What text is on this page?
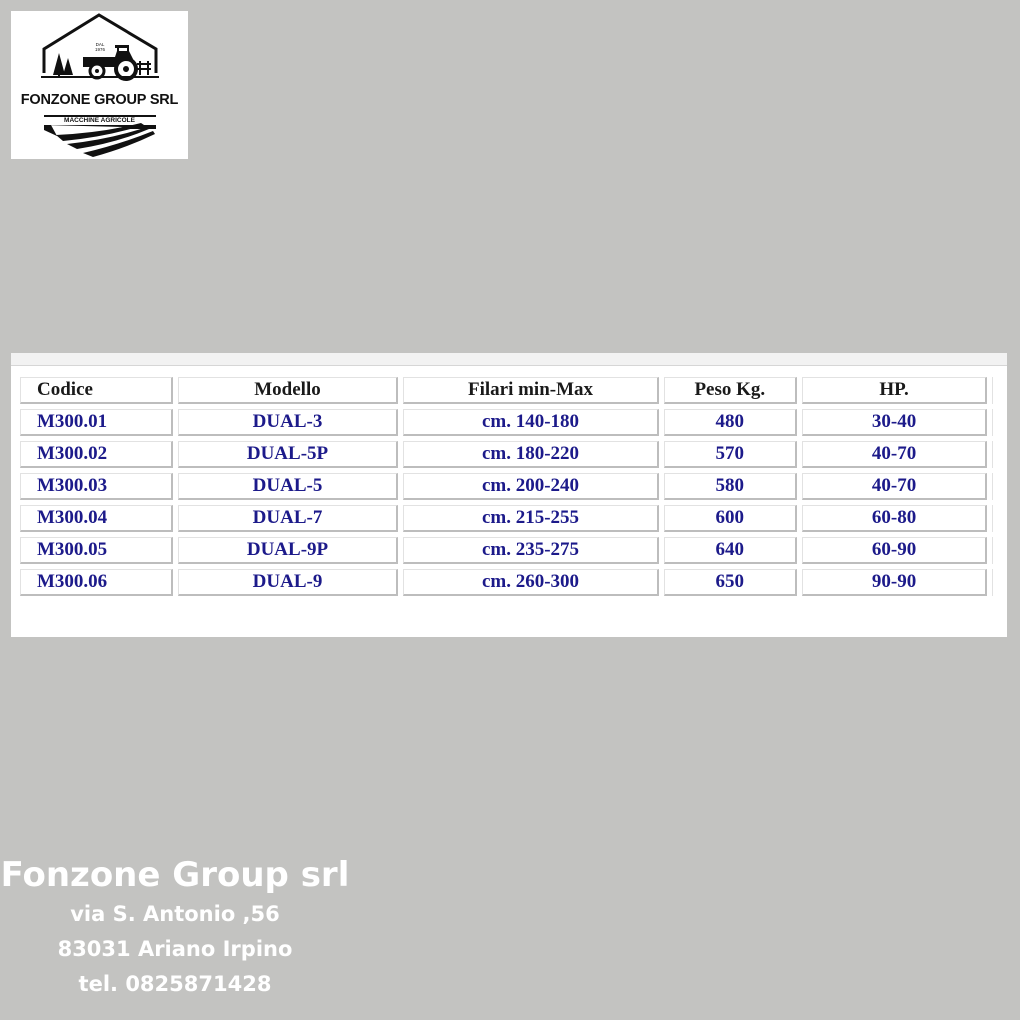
DAL
1976
FONZONE GROUP SRL
MACCHINE AGRICOLE
Codice	Modello	Filari min-Max	Peso Kg.	HP.	
M300.01	DUAL-3	cm. 140-180	480	30-40	
M300.02	DUAL-5P	cm. 180-220	570	40-70	
M300.03	DUAL-5	cm. 200-240	580	40-70	
M300.04	DUAL-7	cm. 215-255	600	60-80	
M300.05	DUAL-9P	cm. 235-275	640	60-90	
M300.06	DUAL-9	cm. 260-300	650	90-90	
Fonzone Group srl
via S. Antonio ,56
83031 Ariano Irpino
tel. 0825871428
